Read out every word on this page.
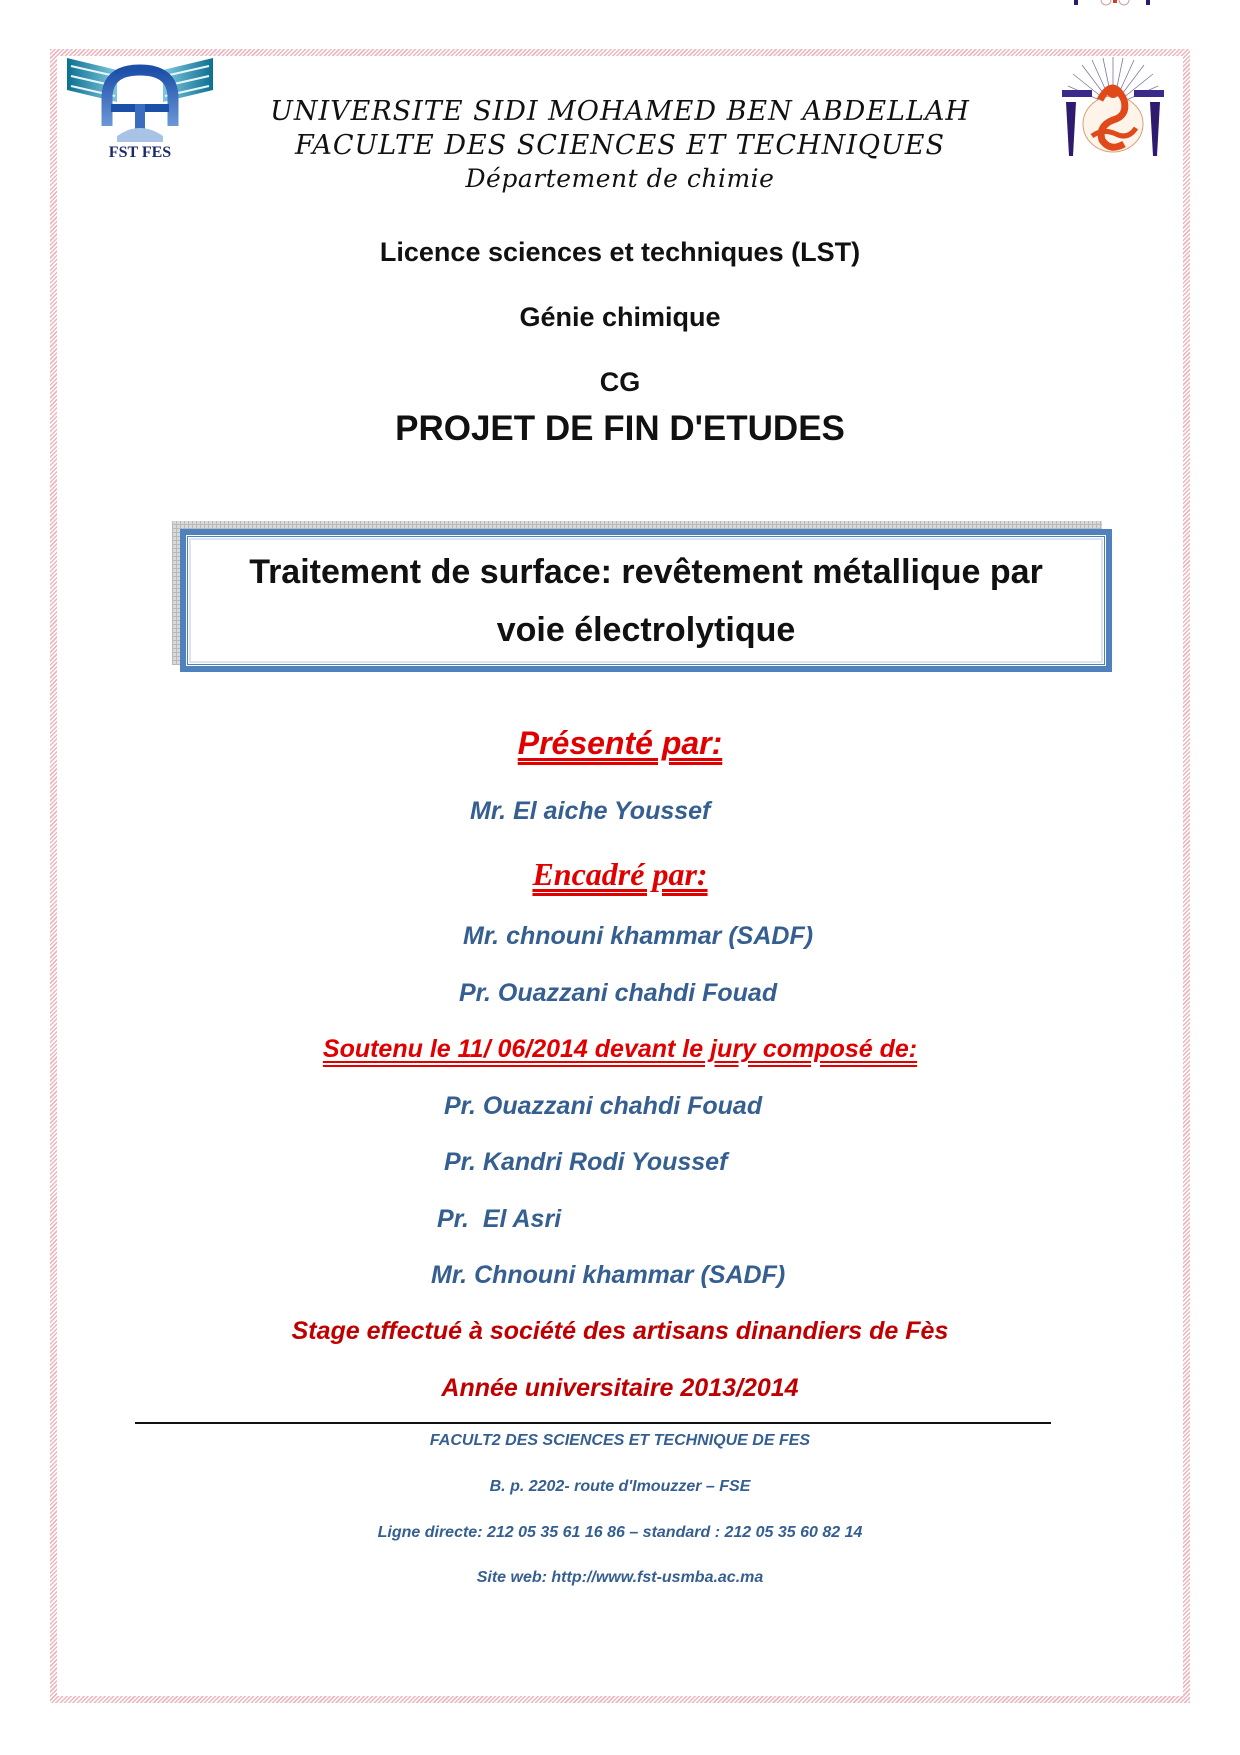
FST FES
UNIVERSITE SIDI MOHAMED BEN ABDELLAH
FACULTE DES SCIENCES ET TECHNIQUES
Département de chimie
Licence sciences et techniques (LST)
Génie chimique
CG
PROJET DE FIN D'ETUDES
Traitement de surface: revêtement métallique par
voie électrolytique
Présenté par:
Mr. El aiche Youssef
Encadré par:
Mr. chnouni khammar (SADF)
Pr. Ouazzani chahdi Fouad
Soutenu le 11/ 06/2014 devant le jury composé de:
Pr. Ouazzani chahdi Fouad
Pr. Kandri Rodi Youssef
Pr.  El Asri
Mr. Chnouni khammar (SADF)
Stage effectué à société des artisans dinandiers de Fès
Année universitaire 2013/2014
FACULT2 DES SCIENCES ET TECHNIQUE DE FES
B. p. 2202- route d'Imouzzer – FSE
Ligne directe: 212 05 35 61 16 86 – standard : 212 05 35 60 82 14
Site web: http://www.fst-usmba.ac.ma
